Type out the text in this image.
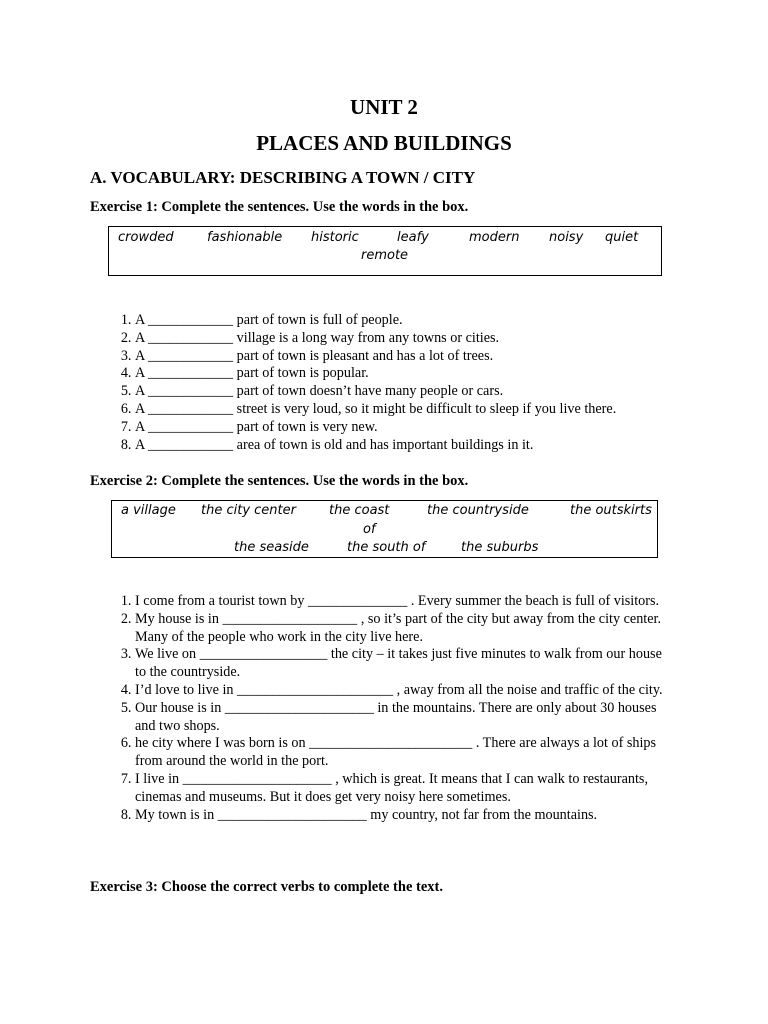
UNIT 2
PLACES AND BUILDINGS
A. VOCABULARY: DESCRIBING A TOWN / CITY
Exercise 1: Complete the sentences. Use the words in the box.
crowded	fashionable historic	leafy	modern noisy quiet
remote
1. A ____________ part of town is full of people.
2. A ____________ village is a long way from any towns or cities.
3. A ____________ part of town is pleasant and has a lot of trees.
4. A ____________ part of town is popular.
5. A ____________ part of town doesn’t have many people or cars.
6. A ____________ street is very loud, so it might be difficult to sleep if you live there.
7. A ____________ part of town is very new.
8. A ____________ area of town is old and has important buildings in it.
Exercise 2: Complete the sentences. Use the words in the box.
a village the city center	the coast
of
the countryside	the outskirts
the seaside	the south of	the suburbs
1. I come from a tourist town by ______________ . Every summer the beach is full of visitors.
2. My house is in ___________________ , so it’s part of the city but away from the city center. Many of the people who work in the city live here.
3. We live on __________________ the city – it takes just five minutes to walk from our house to the countryside.
4. I’d love to live in ______________________ , away from all the noise and traffic of the city.
5. Our house is in _____________________ in the mountains. There are only about 30 houses and two shops.
6. he city where I was born is on _______________________ . There are always a lot of ships from around the world in the port.
7. I live in _____________________ , which is great. It means that I can walk to restaurants, cinemas and museums. But it does get very noisy here sometimes.
8. My town is in _____________________ my country, not far from the mountains.
Exercise 3: Choose the correct verbs to complete the text.
